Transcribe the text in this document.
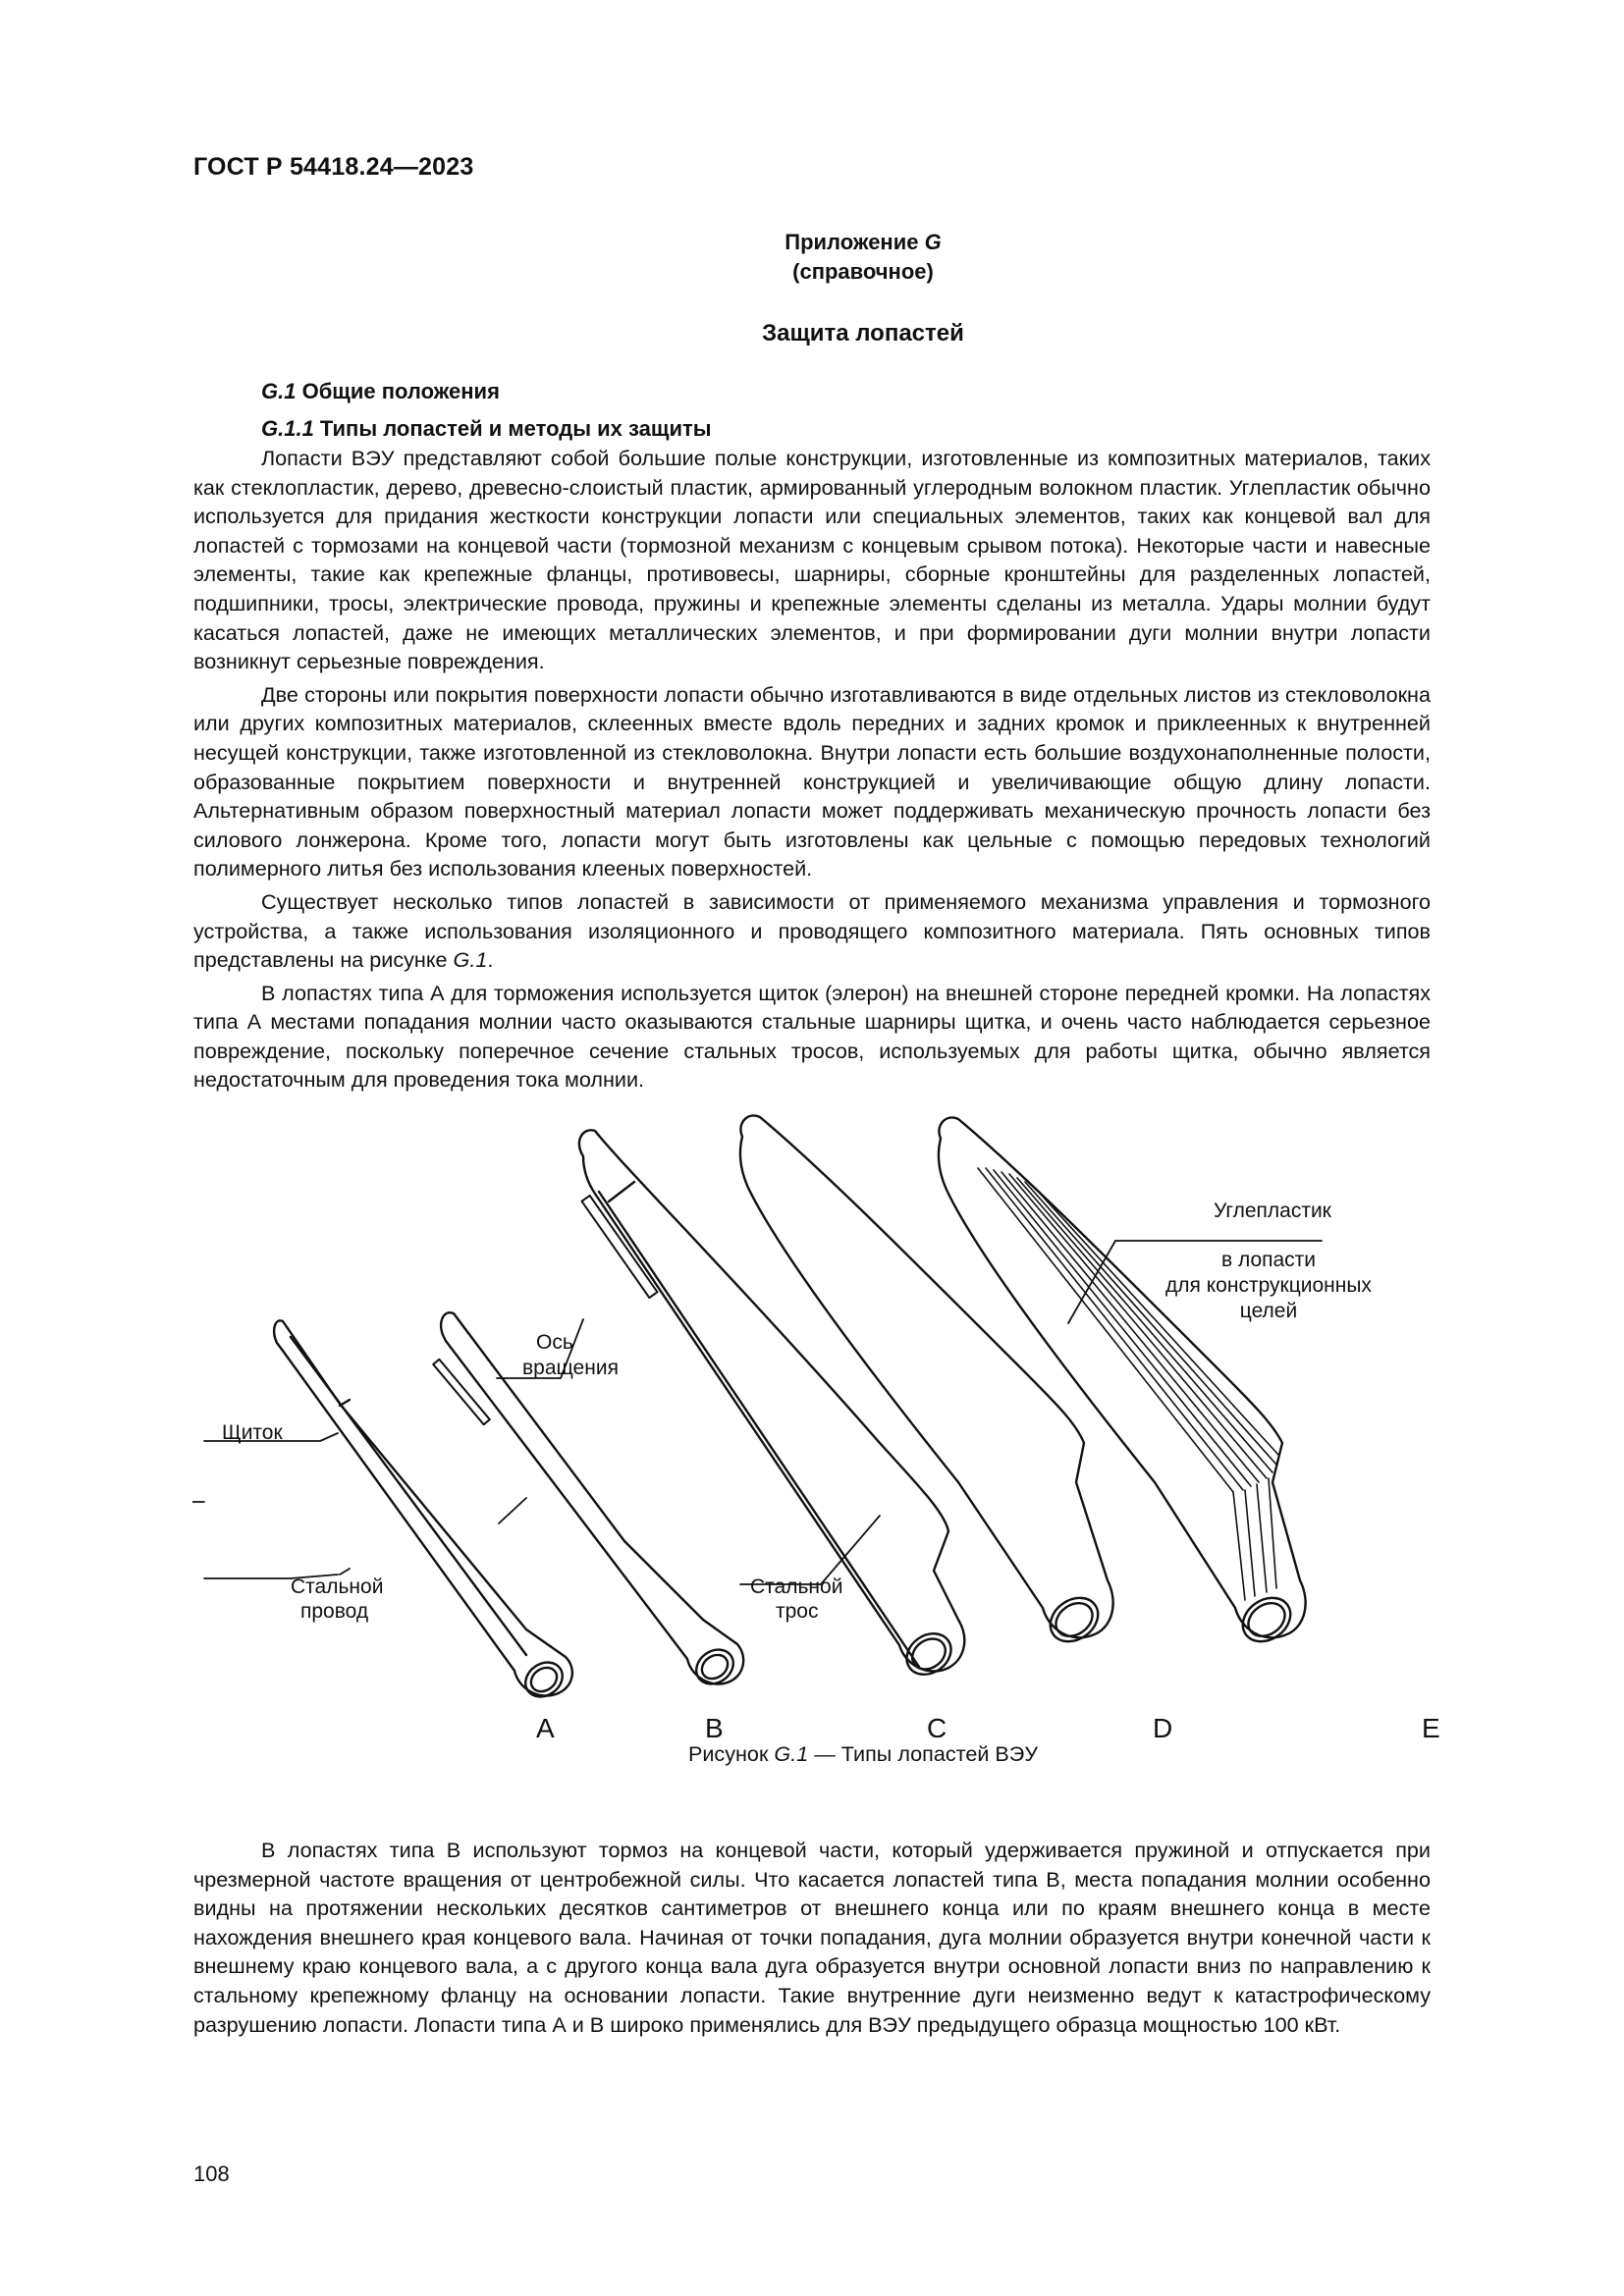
ГОСТ Р 54418.24—2023
Приложение G
(справочное)
Защита лопастей
G.1 Общие положения
G.1.1 Типы лопастей и методы их защиты

Лопасти ВЭУ представляют собой большие полые конструкции, изготовленные из композитных материалов, таких как стеклопластик, дерево, древесно-слоистый пластик, армированный углеродным волокном пластик. Углепластик обычно используется для придания жесткости конструкции лопасти или специальных элементов, таких как концевой вал для лопастей с тормозами на концевой части (тормозной механизм с концевым срывом потока). Некоторые части и навесные элементы, такие как крепежные фланцы, противовесы, шарниры, сборные кронштейны для разделенных лопастей, подшипники, тросы, электрические провода, пружины и крепежные элементы сделаны из металла. Удары молнии будут касаться лопастей, даже не имеющих металлических элементов, и при формировании дуги молнии внутри лопасти возникнут серьезные повреждения.

Две стороны или покрытия поверхности лопасти обычно изготавливаются в виде отдельных листов из стекловолокна или других композитных материалов, склеенных вместе вдоль передних и задних кромок и приклеенных к внутренней несущей конструкции, также изготовленной из стекловолокна. Внутри лопасти есть большие воздухонаполненные полости, образованные покрытием поверхности и внутренней конструкцией и увеличивающие общую длину лопасти. Альтернативным образом поверхностный материал лопасти может поддерживать механическую прочность лопасти без силового лонжерона. Кроме того, лопасти могут быть изготовлены как цельные с помощью передовых технологий полимерного литья без использования клееных поверхностей.

Существует несколько типов лопастей в зависимости от применяемого механизма управления и тормозного устройства, а также использования изоляционного и проводящего композитного материала. Пять основных типов представлены на рисунке G.1.

В лопастях типа А для торможения используется щиток (элерон) на внешней стороне передней кромки. На лопастях типа А местами попадания молнии часто оказываются стальные шарниры щитка, и очень часто наблюдается серьезное повреждение, поскольку поперечное сечение стальных тросов, используемых для работы щитка, обычно является недостаточным для проведения тока молнии.

Щиток
Стальной
провод
Ось
вращения
Стальной
трос
Углепластик
в лопасти
для конструкционных
целей
A	B	C	D	E
Рисунок G.1 — Типы лопастей ВЭУ

В лопастях типа B используют тормоз на концевой части, который удерживается пружиной и отпускается при чрезмерной частоте вращения от центробежной силы. Что касается лопастей типа B, места попадания молнии особенно видны на протяжении нескольких десятков сантиметров от внешнего конца или по краям внешнего конца в месте нахождения внешнего края концевого вала. Начиная от точки попадания, дуга молнии образуется внутри конечной части к внешнему краю концевого вала, а с другого конца вала дуга образуется внутри основной лопасти вниз по направлению к стальному крепежному фланцу на основании лопасти. Такие внутренние дуги неизменно ведут к катастрофическому разрушению лопасти. Лопасти типа А и B широко применялись для ВЭУ предыдущего образца мощностью 100 кВт.

108
